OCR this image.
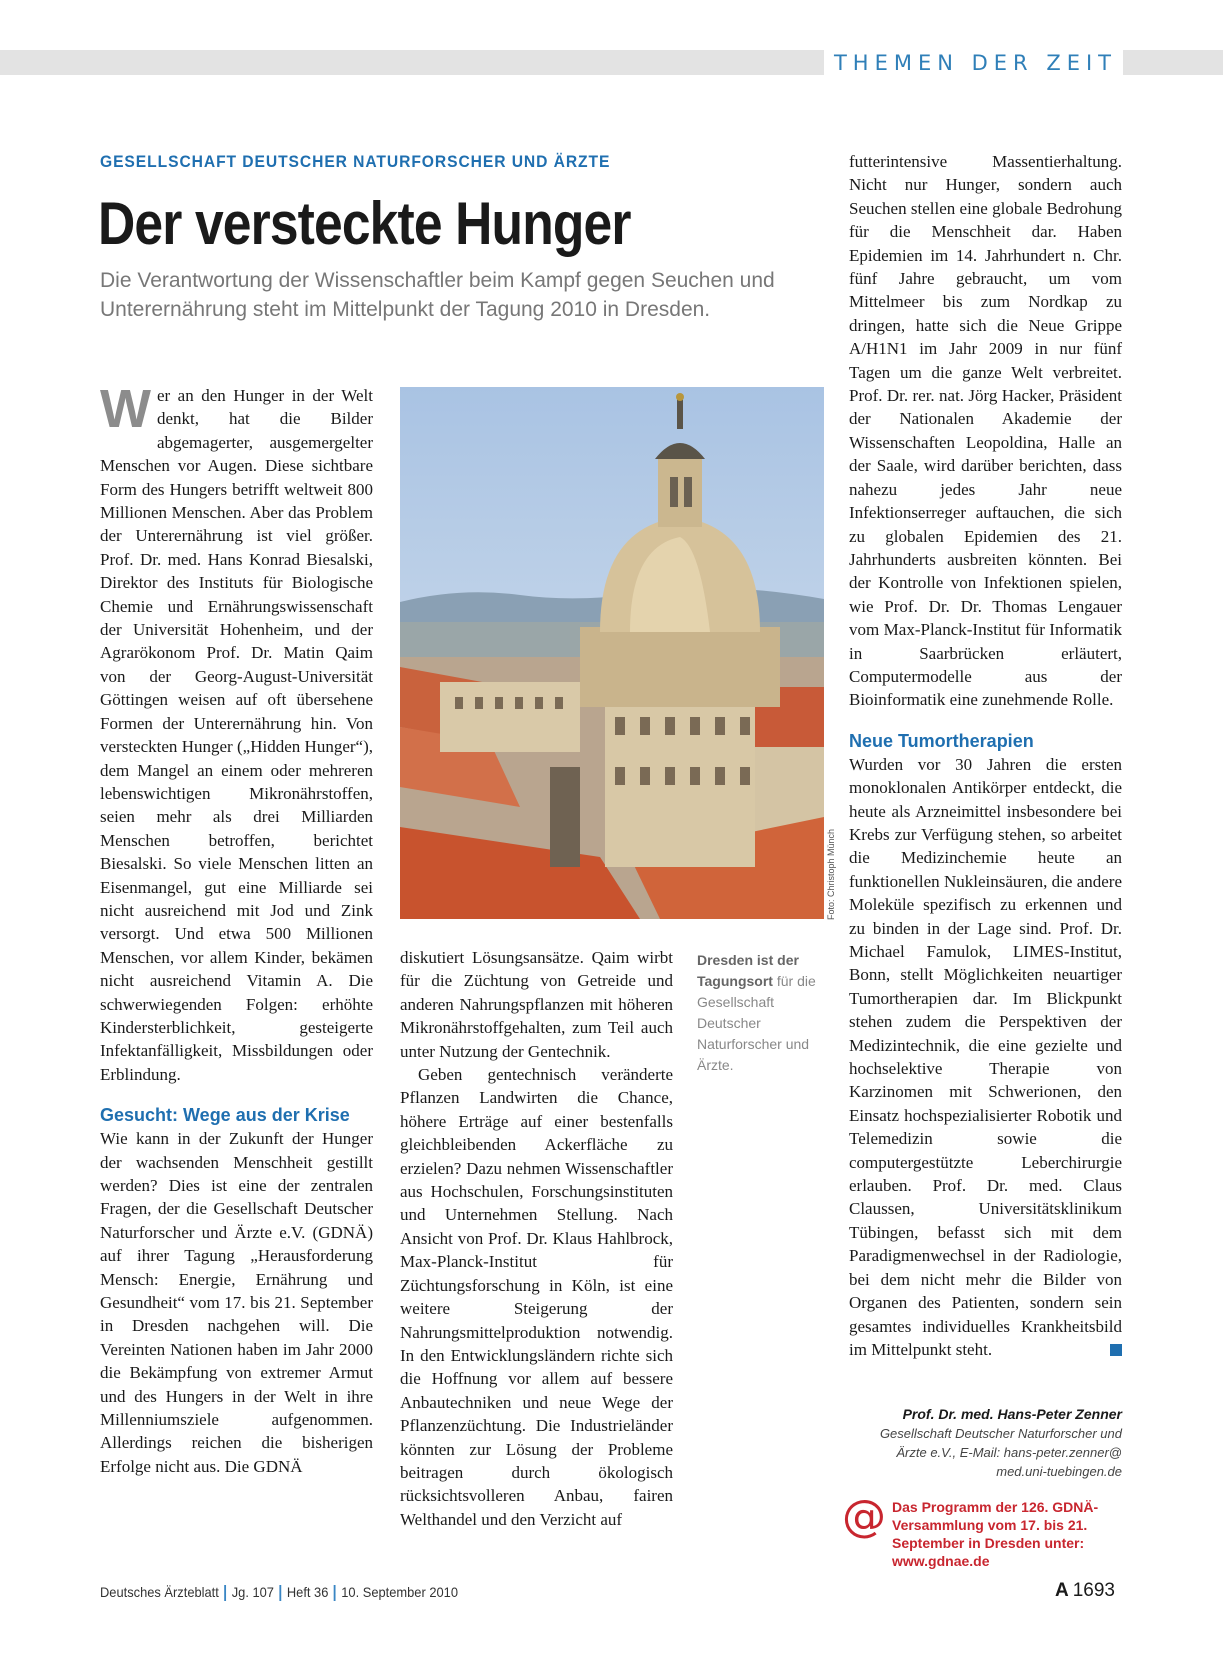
THEMEN DER ZEIT
GESELLSCHAFT DEUTSCHER NATURFORSCHER UND ÄRZTE
Der versteckte Hunger
Die Verantwortung der Wissenschaftler beim Kampf gegen Seuchen und Unterernährung steht im Mittelpunkt der Tagung 2010 in Dresden.

Wer an den Hunger in der Welt denkt, hat die Bilder abgemagerter, ausgemergelter Menschen vor Augen. Diese sichtbare Form des Hungers betrifft weltweit 800 Millionen Menschen. Aber das Problem der Unterernährung ist viel größer. Prof. Dr. med. Hans Konrad Biesalski, Direktor des Instituts für Biologische Chemie und Ernährungswissenschaft der Universität Hohenheim, und der Agrarökonom Prof. Dr. Matin Qaim von der Georg-August-Universität Göttingen weisen auf oft übersehene Formen der Unterernährung hin. Von versteckten Hunger („Hidden Hunger“), dem Mangel an einem oder mehreren lebenswichtigen Mikronährstoffen, seien mehr als drei Milliarden Menschen betroffen, berichtet Biesalski. So viele Menschen litten an Eisenmangel, gut eine Milliarde sei nicht ausreichend mit Jod und Zink versorgt. Und etwa 500 Millionen Menschen, vor allem Kinder, bekämen nicht ausreichend Vitamin A. Die schwerwiegenden Folgen: erhöhte Kindersterblichkeit, gesteigerte Infektanfälligkeit, Missbildungen oder Erblindung.

Gesucht: Wege aus der Krise

Wie kann in der Zukunft der Hunger der wachsenden Menschheit gestillt werden? Dies ist eine der zentralen Fragen, der die Gesellschaft Deutscher Naturforscher und Ärzte e.V. (GDNÄ) auf ihrer Tagung „Herausforderung Mensch: Energie, Ernährung und Gesundheit“ vom 17. bis 21. September in Dresden nachgehen will. Die Vereinten Nationen haben im Jahr 2000 die Bekämpfung von extremer Armut und des Hungers in der Welt in ihre Millenniumsziele aufgenommen. Allerdings reichen die bisherigen Erfolge nicht aus. Die GDNÄ

Foto: Christoph Münch

diskutiert Lösungsansätze. Qaim wirbt für die Züchtung von Getreide und anderen Nahrungspflanzen mit höheren Mikronährstoffgehalten, zum Teil auch unter Nutzung der Gentechnik.

Geben gentechnisch veränderte Pflanzen Landwirten die Chance, höhere Erträge auf einer bestenfalls gleichbleibenden Ackerfläche zu erzielen? Dazu nehmen Wissenschaftler aus Hochschulen, Forschungsinstituten und Unternehmen Stellung. Nach Ansicht von Prof. Dr. Klaus Hahlbrock, Max-Planck-Institut für Züchtungsforschung in Köln, ist eine weitere Steigerung der Nahrungsmittelproduktion notwendig. In den Entwicklungsländern richte sich die Hoffnung vor allem auf bessere Anbautechniken und neue Wege der Pflanzenzüchtung. Die Industrieländer könnten zur Lösung der Probleme beitragen durch ökologisch rücksichtsvolleren Anbau, fairen Welthandel und den Verzicht auf

Dresden ist der Tagungsort für die Gesellschaft Deutscher Naturforscher und Ärzte.

futterintensive Massentierhaltung. Nicht nur Hunger, sondern auch Seuchen stellen eine globale Bedrohung für die Menschheit dar. Haben Epidemien im 14. Jahrhundert n. Chr. fünf Jahre gebraucht, um vom Mittelmeer bis zum Nordkap zu dringen, hatte sich die Neue Grippe A/H1N1 im Jahr 2009 in nur fünf Tagen um die ganze Welt verbreitet. Prof. Dr. rer. nat. Jörg Hacker, Präsident der Nationalen Akademie der Wissenschaften Leopoldina, Halle an der Saale, wird darüber berichten, dass nahezu jedes Jahr neue Infektionserreger auftauchen, die sich zu globalen Epidemien des 21. Jahrhunderts ausbreiten könnten. Bei der Kontrolle von Infektionen spielen, wie Prof. Dr. Dr. Thomas Lengauer vom Max-Planck-Institut für Informatik in Saarbrücken erläutert, Computermodelle aus der Bioinformatik eine zunehmende Rolle.

Neue Tumortherapien

Wurden vor 30 Jahren die ersten monoklonalen Antikörper entdeckt, die heute als Arzneimittel insbesondere bei Krebs zur Verfügung stehen, so arbeitet die Medizinchemie heute an funktionellen Nukleinsäuren, die andere Moleküle spezifisch zu erkennen und zu binden in der Lage sind. Prof. Dr. Michael Famulok, LIMES-Institut, Bonn, stellt Möglichkeiten neuartiger Tumortherapien dar. Im Blickpunkt stehen zudem die Perspektiven der Medizintechnik, die eine gezielte und hochselektive Therapie von Karzinomen mit Schwerionen, den Einsatz hochspezialisierter Robotik und Telemedizin sowie die computergestützte Leberchirurgie erlauben. Prof. Dr. med. Claus Claussen, Universitätsklinikum Tübingen, befasst sich mit dem Paradigmenwechsel in der Radiologie, bei dem nicht mehr die Bilder von Organen des Patienten, sondern sein gesamtes individuelles Krankheitsbild im Mittelpunkt steht.

Prof. Dr. med. Hans-Peter Zenner
Gesellschaft Deutscher Naturforscher und
Ärzte e.V., E-Mail: hans-peter.zenner@
med.uni-tuebingen.de
@ Das Programm der 126. GDNÄ-Versammlung vom 17. bis 21. September in Dresden unter: www.gdnae.de
Deutsches Ärzteblatt Jg. 107 Heft 36 10. September 2010	A 1693
